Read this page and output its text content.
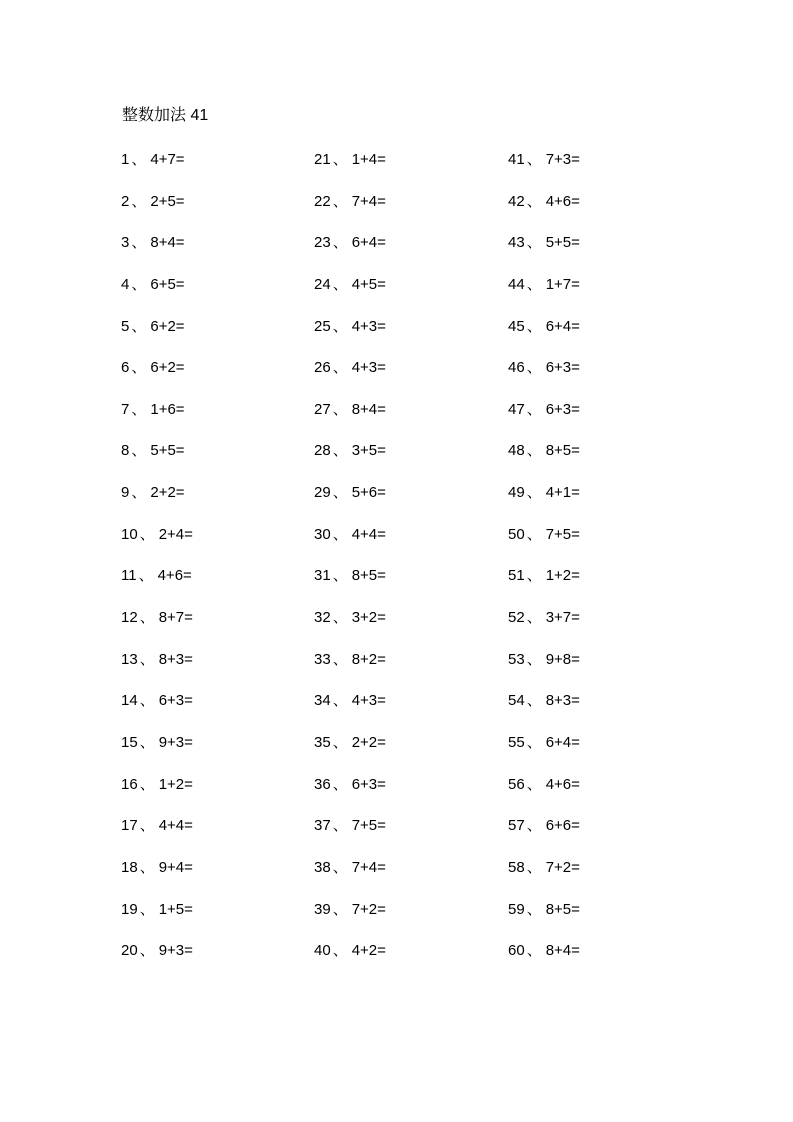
整数加法 41
1 、 4+7=
2 、 2+5=
3 、 8+4=
4 、 6+5=
5 、 6+2=
6 、 6+2=
7 、 1+6=
8 、 5+5=
9 、 2+2=
10 、 2+4=
11 、 4+6=
12 、 8+7=
13 、 8+3=
14 、 6+3=
15 、 9+3=
16 、 1+2=
17 、 4+4=
18 、 9+4=
19 、 1+5=
20 、 9+3=
21 、 1+4=
22 、 7+4=
23 、 6+4=
24 、 4+5=
25 、 4+3=
26 、 4+3=
27 、 8+4=
28 、 3+5=
29 、 5+6=
30 、 4+4=
31 、 8+5=
32 、 3+2=
33 、 8+2=
34 、 4+3=
35 、 2+2=
36 、 6+3=
37 、 7+5=
38 、 7+4=
39 、 7+2=
40 、 4+2=
41 、 7+3=
42 、 4+6=
43 、 5+5=
44 、 1+7=
45 、 6+4=
46 、 6+3=
47 、 6+3=
48 、 8+5=
49 、 4+1=
50 、 7+5=
51 、 1+2=
52 、 3+7=
53 、 9+8=
54 、 8+3=
55 、 6+4=
56 、 4+6=
57 、 6+6=
58 、 7+2=
59 、 8+5=
60 、 8+4=
